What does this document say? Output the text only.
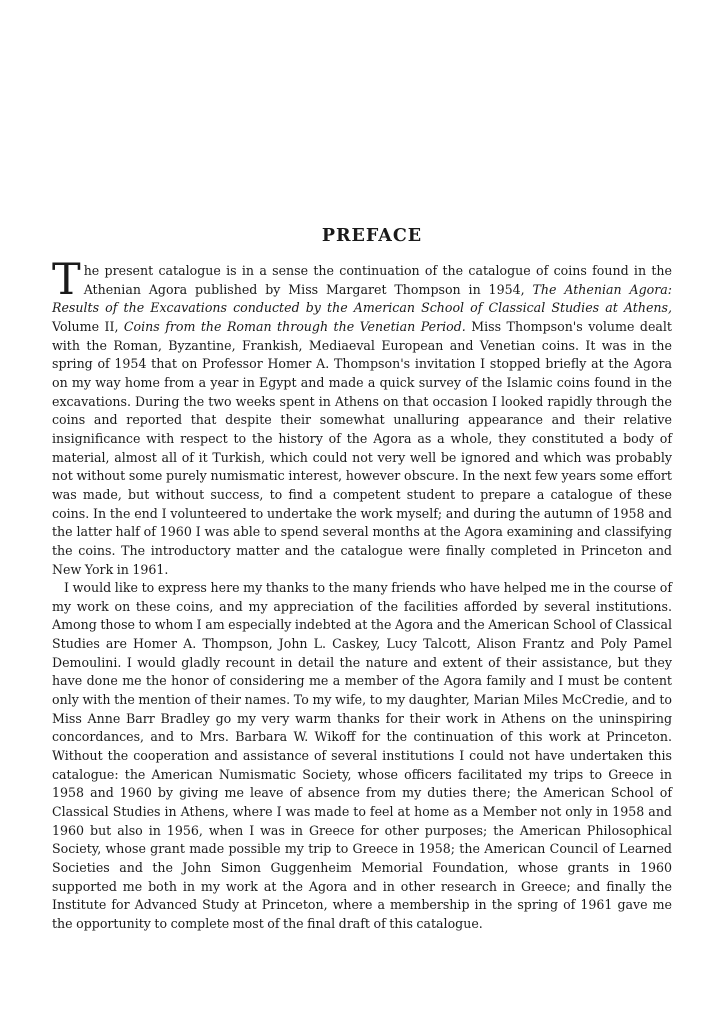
PREFACE

The present catalogue is in a sense the continuation of the catalogue of coins found in the Athenian Agora published by Miss Margaret Thompson in 1954, The Athenian Agora: Results of the Excavations conducted by the American School of Classical Studies at Athens, Volume II, Coins from the Roman through the Venetian Period. Miss Thompson's volume dealt with the Roman, Byzantine, Frankish, Mediaeval European and Venetian coins. It was in the spring of 1954 that on Professor Homer A. Thompson's invitation I stopped briefly at the Agora on my way home from a year in Egypt and made a quick survey of the Islamic coins found in the excavations. During the two weeks spent in Athens on that occasion I looked rapidly through the coins and reported that despite their somewhat unalluring appearance and their relative insignificance with respect to the history of the Agora as a whole, they constituted a body of material, almost all of it Turkish, which could not very well be ignored and which was probably not without some purely numismatic interest, however obscure. In the next few years some effort was made, but without success, to find a competent student to prepare a catalogue of these coins. In the end I volunteered to undertake the work myself; and during the autumn of 1958 and the latter half of 1960 I was able to spend several months at the Agora examining and classifying the coins. The introductory matter and the catalogue were finally completed in Princeton and New York in 1961.

I would like to express here my thanks to the many friends who have helped me in the course of my work on these coins, and my appreciation of the facilities afforded by several institutions. Among those to whom I am especially indebted at the Agora and the American School of Classical Studies are Homer A. Thompson, John L. Caskey, Lucy Talcott, Alison Frantz and Poly Pamel Demoulini. I would gladly recount in detail the nature and extent of their assistance, but they have done me the honor of considering me a member of the Agora family and I must be content only with the mention of their names. To my wife, to my daughter, Marian Miles McCredie, and to Miss Anne Barr Bradley go my very warm thanks for their work in Athens on the uninspiring concordances, and to Mrs. Barbara W. Wikoff for the continuation of this work at Princeton. Without the cooperation and assistance of several institutions I could not have undertaken this catalogue: the American Numismatic Society, whose officers facilitated my trips to Greece in 1958 and 1960 by giving me leave of absence from my duties there; the American School of Classical Studies in Athens, where I was made to feel at home as a Member not only in 1958 and 1960 but also in 1956, when I was in Greece for other purposes; the American Philosophical Society, whose grant made possible my trip to Greece in 1958; the American Council of Learned Societies and the John Simon Guggenheim Memorial Foundation, whose grants in 1960 supported me both in my work at the Agora and in other research in Greece; and finally the Institute for Advanced Study at Princeton, where a membership in the spring of 1961 gave me the opportunity to complete most of the final draft of this catalogue.
